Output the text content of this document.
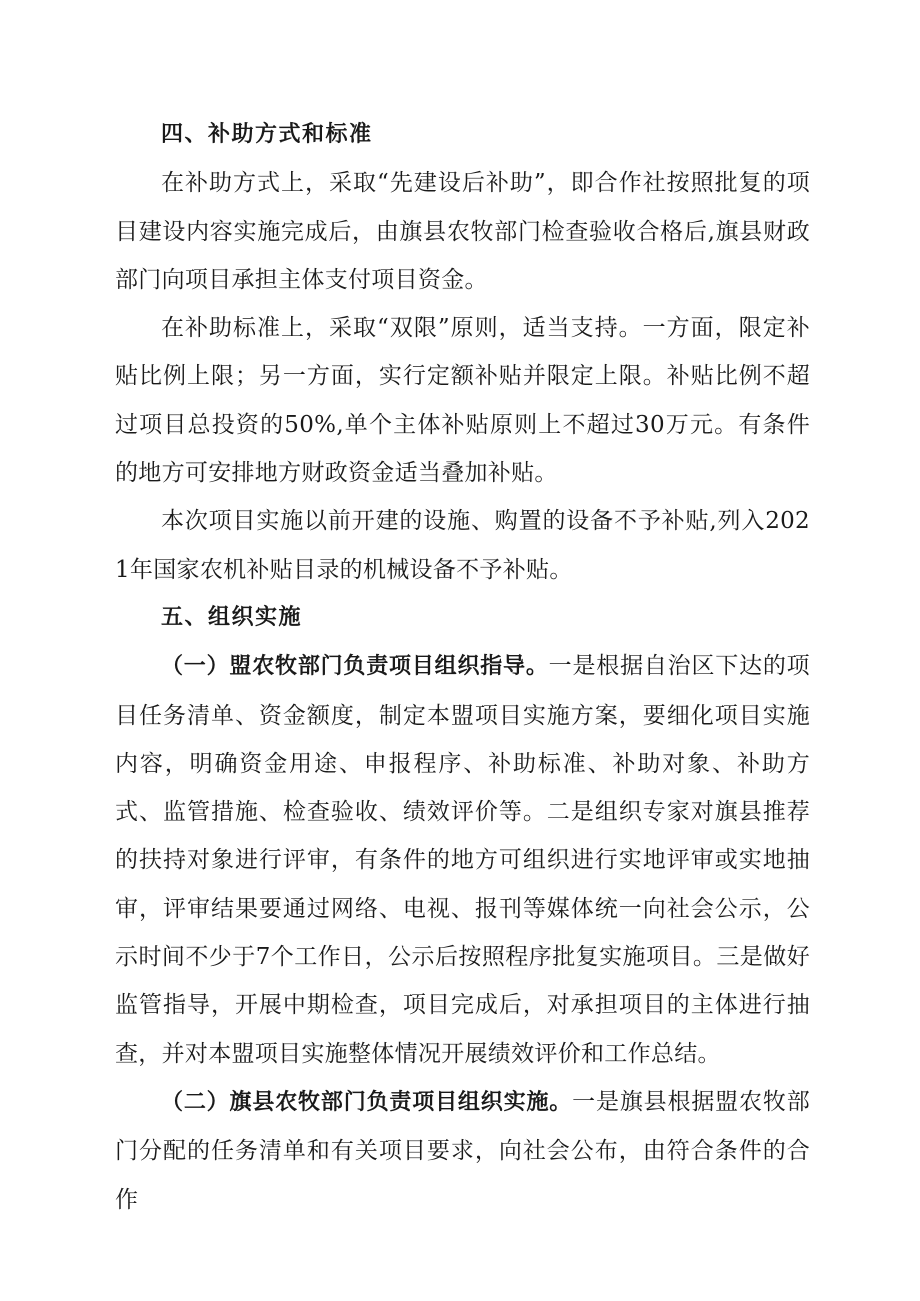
四、补助方式和标准

在补助方式上，采取“先建设后补助”，即合作社按照批复的项目建设内容实施完成后，由旗县农牧部门检查验收合格后,旗县财政部门向项目承担主体支付项目资金。

在补助标准上，采取“双限”原则，适当支持。一方面，限定补贴比例上限；另一方面，实行定额补贴并限定上限。补贴比例不超过项目总投资的50%,单个主体补贴原则上不超过30万元。有条件的地方可安排地方财政资金适当叠加补贴。

本次项目实施以前开建的设施、购置的设备不予补贴,列入2021年国家农机补贴目录的机械设备不予补贴。

五、组织实施

（一）盟农牧部门负责项目组织指导。一是根据自治区下达的项目任务清单、资金额度，制定本盟项目实施方案，要细化项目实施内容，明确资金用途、申报程序、补助标准、补助对象、补助方式、监管措施、检查验收、绩效评价等。二是组织专家对旗县推荐的扶持对象进行评审，有条件的地方可组织进行实地评审或实地抽审，评审结果要通过网络、电视、报刊等媒体统一向社会公示，公示时间不少于7个工作日，公示后按照程序批复实施项目。三是做好监管指导，开展中期检查，项目完成后，对承担项目的主体进行抽查，并对本盟项目实施整体情况开展绩效评价和工作总结。

（二）旗县农牧部门负责项目组织实施。一是旗县根据盟农牧部门分配的任务清单和有关项目要求，向社会公布，由符合条件的合作
